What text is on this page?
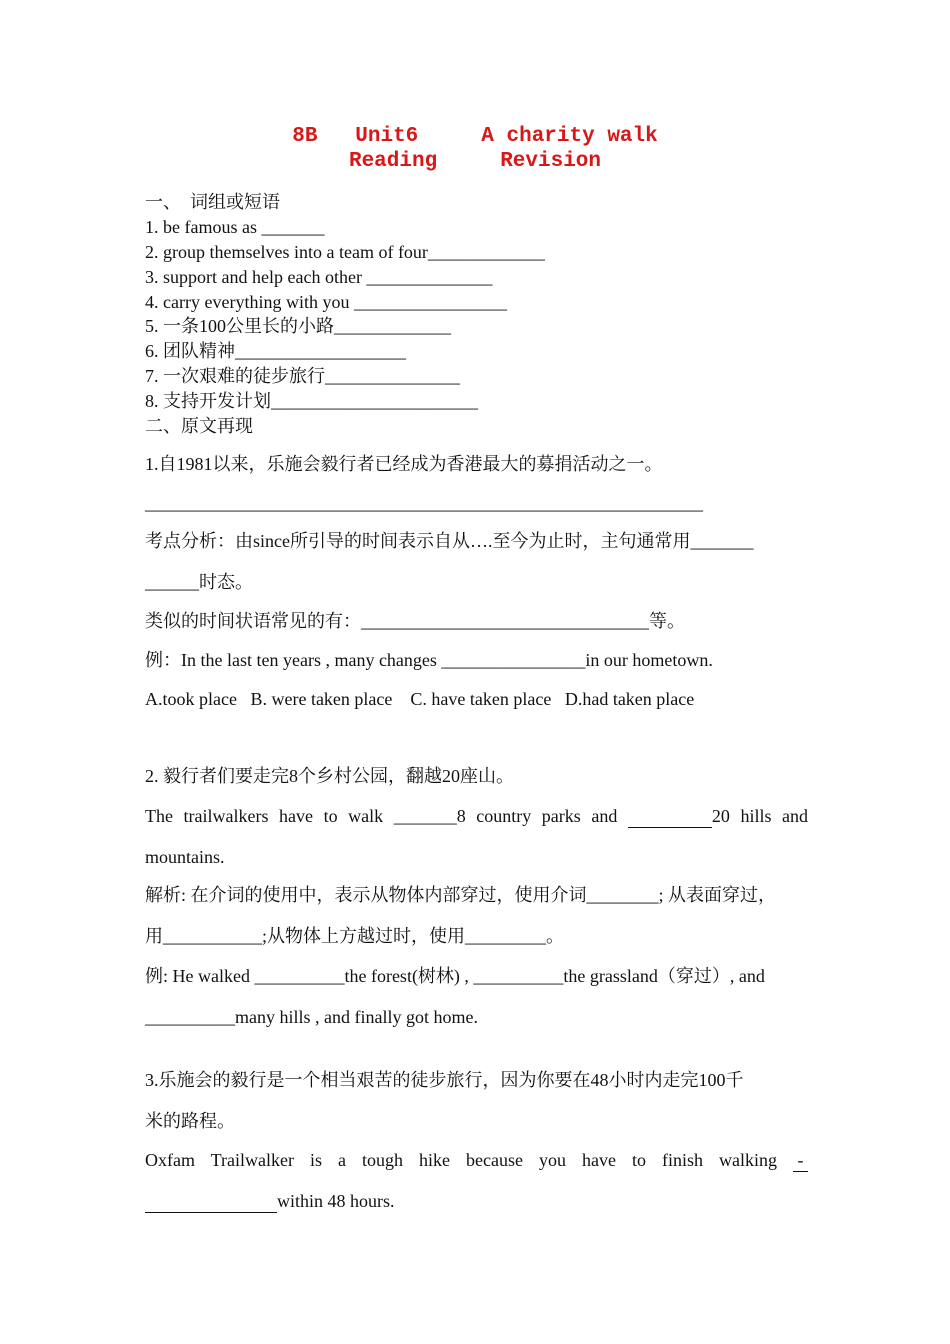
8B   Unit6     A charity walk
Reading     Revision
一、  词组或短语
1. be famous as _______
2. group themselves into a team of four_____________
3. support and help each other ______________
4. carry everything with you _________________
5. 一条100公里长的小路_____________
6. 团队精神___________________
7. 一次艰难的徒步旅行_______________
8. 支持开发计划_______________________
二、原文再现
1.自1981以来，乐施会毅行者已经成为香港最大的募捐活动之一。
______________________________________________________________
考点分析：由since所引导的时间表示自从….至今为止时，主句通常用_______
______时态。
类似的时间状语常见的有：________________________________等。
例：In the last ten years , many changes ________________in our hometown.
A.took place   B. were taken place    C. have taken place   D.had taken place
2. 毅行者们要走完8个乡村公园，翻越20座山。
The trailwalkers have to walk _______8 country parks and	20 hills and
mountains.
解析: 在介词的使用中，表示从物体内部穿过，使用介词________; 从表面穿过，
用___________;从物体上方越过时，使用_________。
例: He walked __________the forest(树林) , __________the grassland（穿过）, and
__________many hills , and finally got home.
3.乐施会的毅行是一个相当艰苦的徒步旅行，因为你要在48小时内走完100千
米的路程。
Oxfam Trailwalker is a tough hike because you have to finish walking  -
within 48 hours.
